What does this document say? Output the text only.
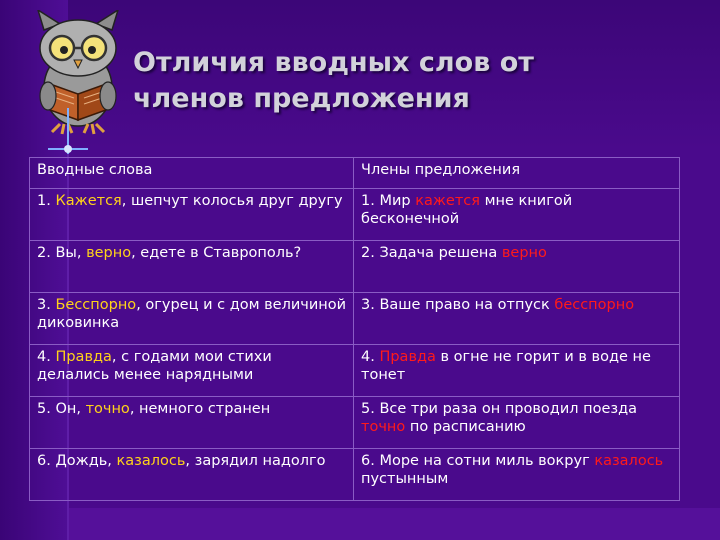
Отличия вводных слов от
членов предложения
Вводные слова	Члены предложения
1. Кажется, шепчут колосья друг другу	1. Мир кажется мне книгой бесконечной
2. Вы, верно, едете в Ставрополь?	2. Задача решена верно
3. Бесспорно, огурец и с дом величиной диковинка	3. Ваше право на отпуск бесспорно
4. Правда, с годами мои стихи делались менее нарядными	4. Правда в огне не горит и в воде не тонет
5. Он, точно, немного странен	5. Все три раза он проводил поезда точно по расписанию
6. Дождь, казалось, зарядил надолго	6. Море на сотни миль вокруг казалось пустынным
